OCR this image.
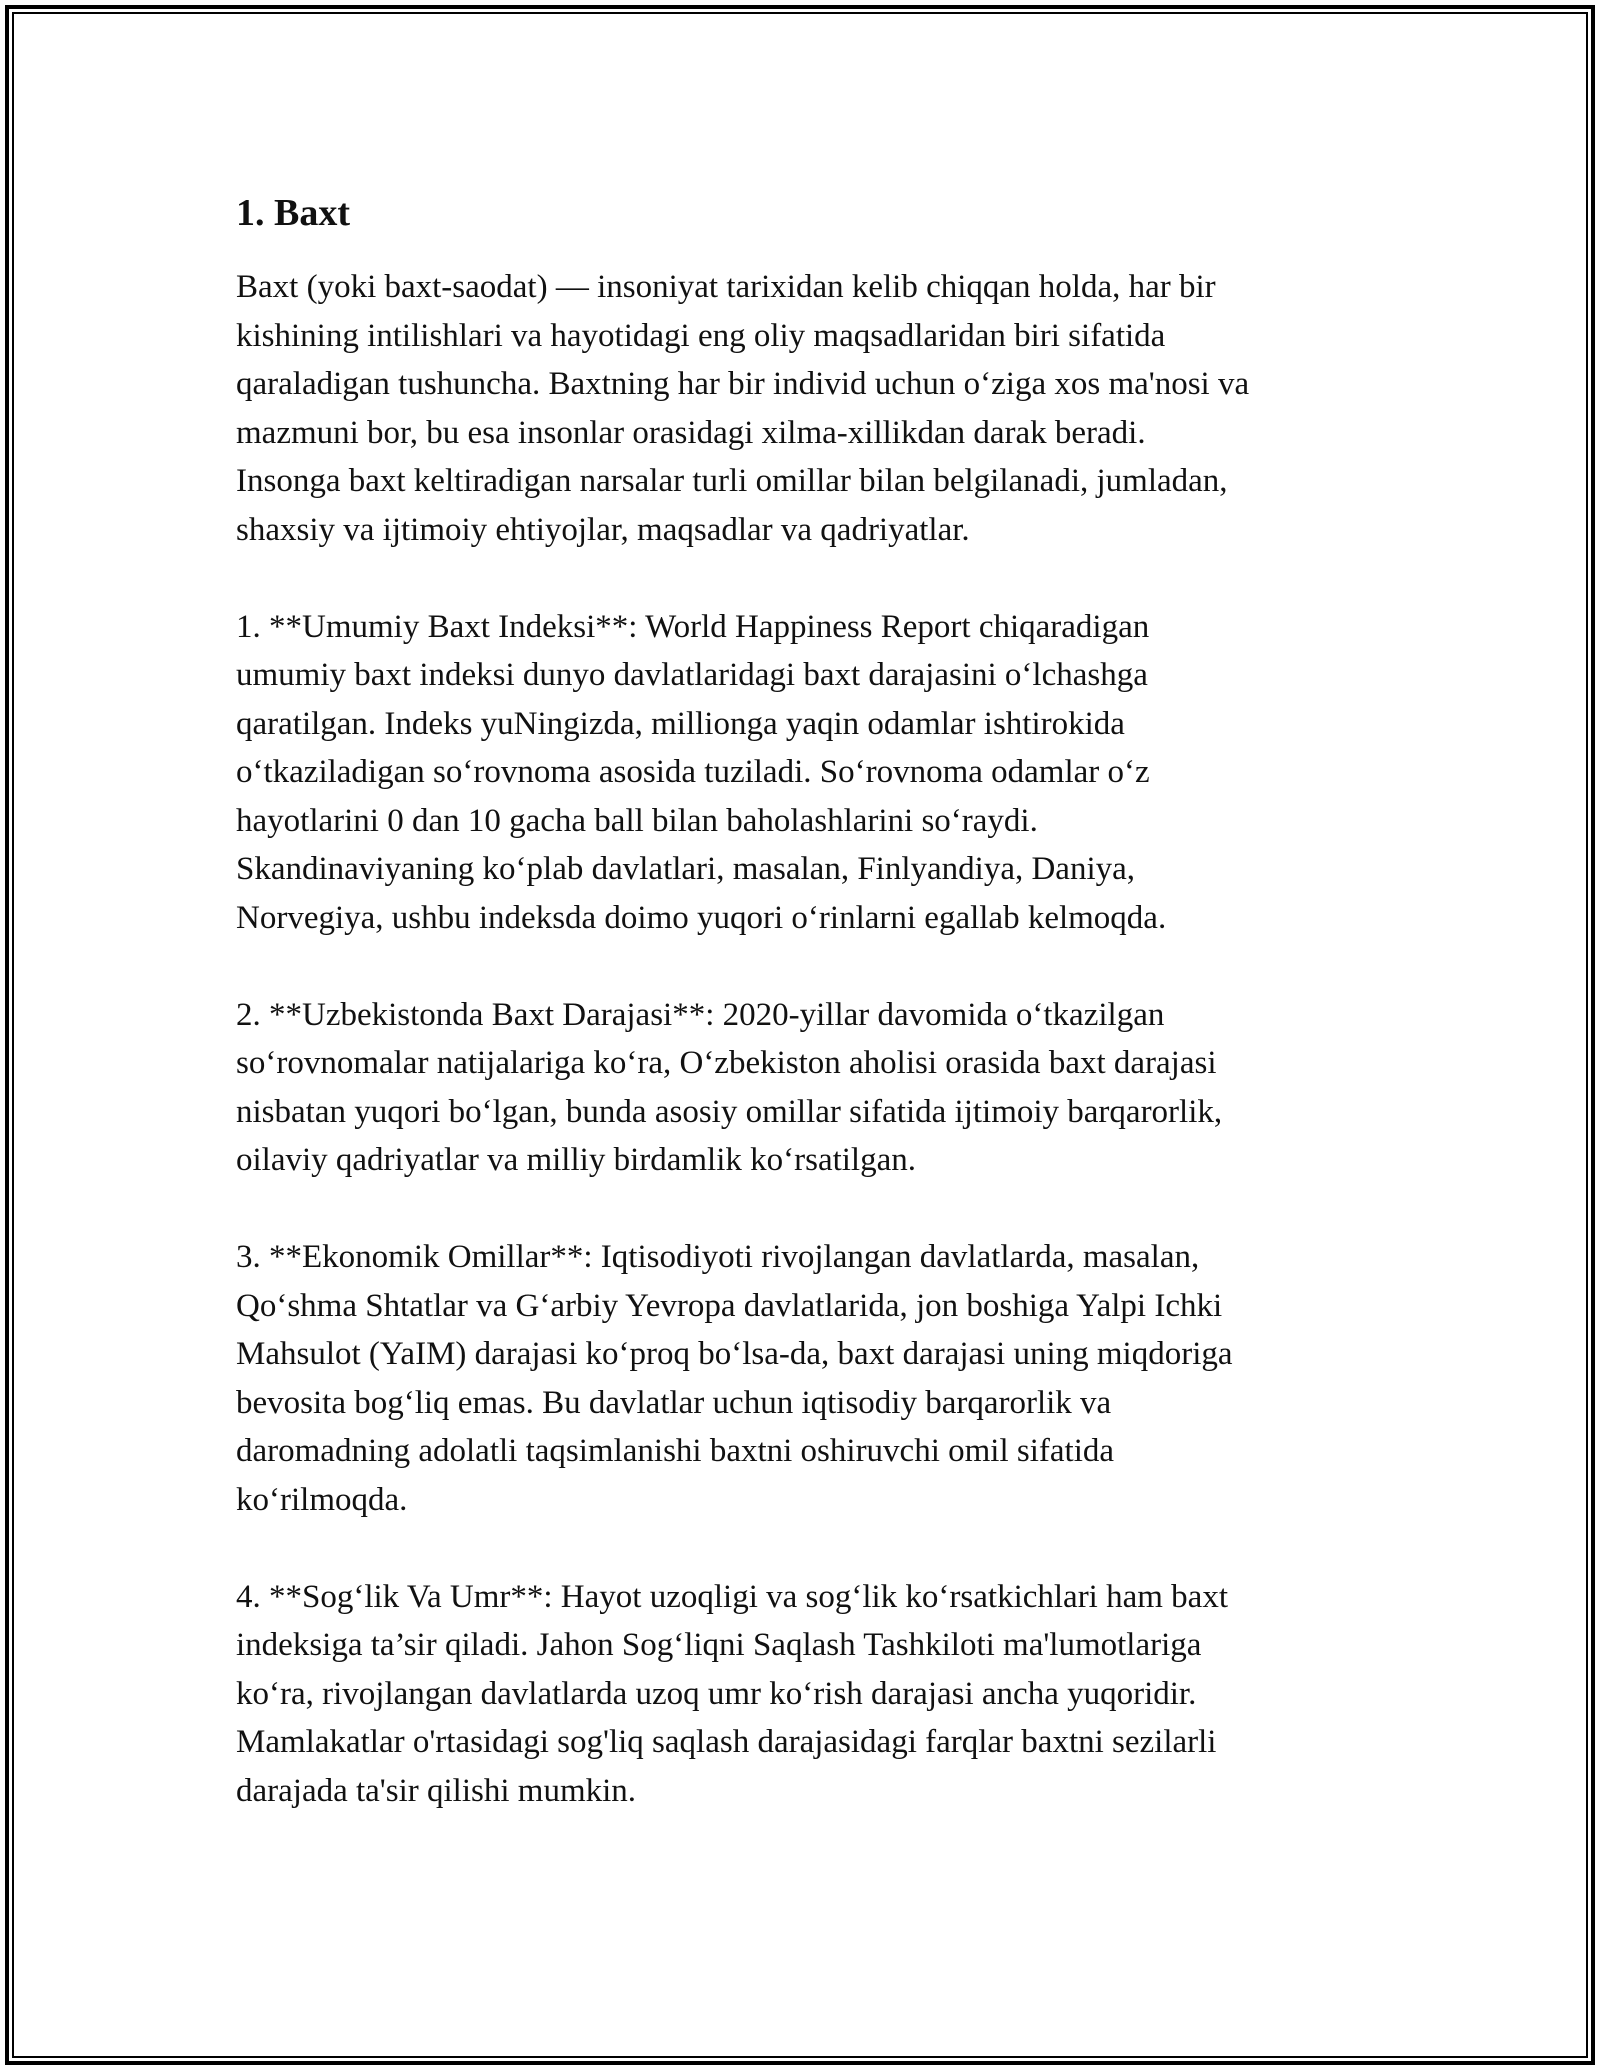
1. Baxt

Baxt (yoki baxt-saodat) — insoniyat tarixidan kelib chiqqan holda, har bir
kishining intilishlari va hayotidagi eng oliy maqsadlaridan biri sifatida
qaraladigan tushuncha. Baxtning har bir individ uchun o‘ziga xos ma'nosi va
mazmuni bor, bu esa insonlar orasidagi xilma-xillikdan darak beradi.
Insonga baxt keltiradigan narsalar turli omillar bilan belgilanadi, jumladan,
shaxsiy va ijtimoiy ehtiyojlar, maqsadlar va qadriyatlar.

1. **Umumiy Baxt Indeksi**: World Happiness Report chiqaradigan
umumiy baxt indeksi dunyo davlatlaridagi baxt darajasini o‘lchashga
qaratilgan. Indeks yuNingizda, millionga yaqin odamlar ishtirokida
o‘tkaziladigan so‘rovnoma asosida tuziladi. So‘rovnoma odamlar o‘z
hayotlarini 0 dan 10 gacha ball bilan baholashlarini so‘raydi.
Skandinaviyaning ko‘plab davlatlari, masalan, Finlyandiya, Daniya,
Norvegiya, ushbu indeksda doimo yuqori o‘rinlarni egallab kelmoqda.

2. **Uzbekistonda Baxt Darajasi**: 2020-yillar davomida o‘tkazilgan
so‘rovnomalar natijalariga ko‘ra, O‘zbekiston aholisi orasida baxt darajasi
nisbatan yuqori bo‘lgan, bunda asosiy omillar sifatida ijtimoiy barqarorlik,
oilaviy qadriyatlar va milliy birdamlik ko‘rsatilgan.

3. **Ekonomik Omillar**: Iqtisodiyoti rivojlangan davlatlarda, masalan,
Qo‘shma Shtatlar va G‘arbiy Yevropa davlatlarida, jon boshiga Yalpi Ichki
Mahsulot (YaIM) darajasi ko‘proq bo‘lsa-da, baxt darajasi uning miqdoriga
bevosita bog‘liq emas. Bu davlatlar uchun iqtisodiy barqarorlik va
daromadning adolatli taqsimlanishi baxtni oshiruvchi omil sifatida
ko‘rilmoqda.

4. **Sog‘lik Va Umr**: Hayot uzoqligi va sog‘lik ko‘rsatkichlari ham baxt
indeksiga ta’sir qiladi. Jahon Sog‘liqni Saqlash Tashkiloti ma'lumotlariga
ko‘ra, rivojlangan davlatlarda uzoq umr ko‘rish darajasi ancha yuqoridir.
Mamlakatlar o'rtasidagi sog'liq saqlash darajasidagi farqlar baxtni sezilarli
darajada ta'sir qilishi mumkin.
